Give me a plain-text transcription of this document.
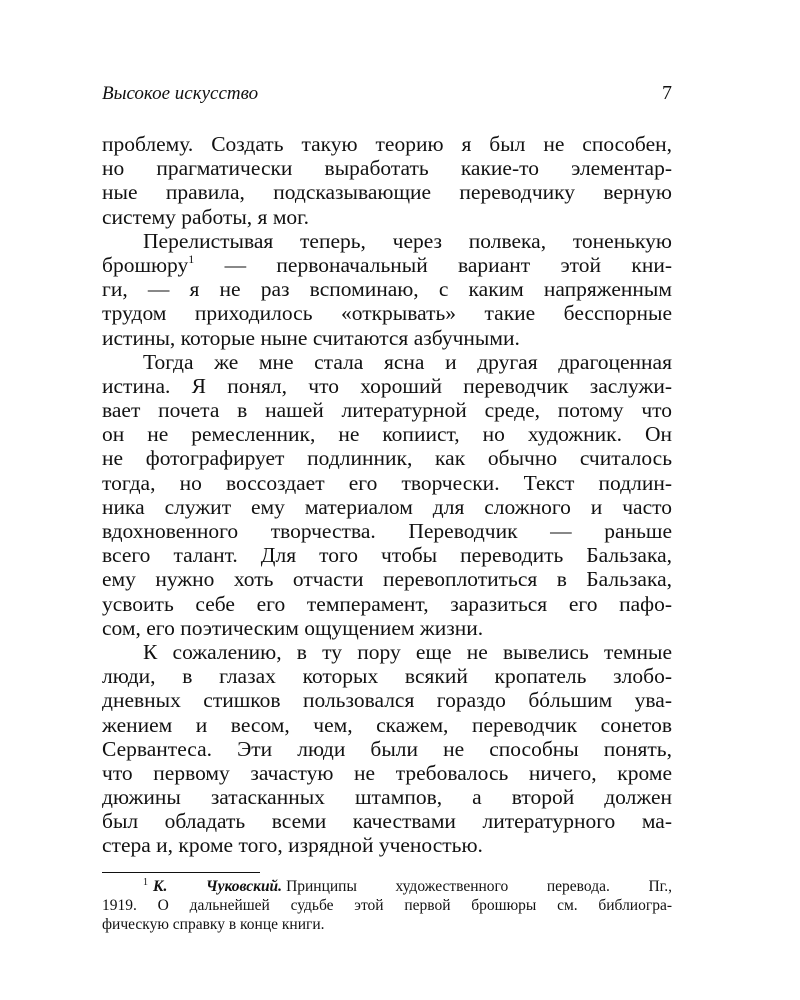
Высокое искусство	7
проблему. Создать такую теорию я был не способен,
но прагматически выработать какие-то элементар-
ные правила, подсказывающие переводчику верную
систему работы, я мог.
Перелистывая теперь, через полвека, тоненькую
брошюру$^1$ — первоначальный вариант этой кни-
ги, — я не раз вспоминаю, с каким напряженным
трудом приходилось «открывать» такие бесспорные
истины, которые ныне считаются азбучными.
Тогда же мне стала ясна и другая драгоценная
истина. Я понял, что хороший переводчик заслужи-
вает почета в нашей литературной среде, потому что
он не ремесленник, не копиист, но художник. Он
не фотографирует подлинник, как обычно считалось
тогда, но воссоздает его творчески. Текст подлин-
ника служит ему материалом для сложного и часто
вдохновенного творчества. Переводчик — раньше
всего талант. Для того чтобы переводить Бальзака,
ему нужно хоть отчасти перевоплотиться в Бальзака,
усвоить себе его темперамент, заразиться его пафо-
сом, его поэтическим ощущением жизни.
К сожалению, в ту пору еще не вывелись темные
люди, в глазах которых всякий кропатель злобо-
дневных стишков пользовался гораздо бóльшим ува-
жением и весом, чем, скажем, переводчик сонетов
Сервантеса. Эти люди были не способны понять,
что первому зачастую не требовалось ничего, кроме
дюжины затасканных штампов, а второй должен
был обладать всеми качествами литературного ма-
стера и, кроме того, изрядной ученостью.
$^1$ К. Чуковский. Принципы художественного перевода. Пг.,
1919. О дальнейшей судьбе этой первой брошюры см. библиогра-
фическую справку в конце книги.
